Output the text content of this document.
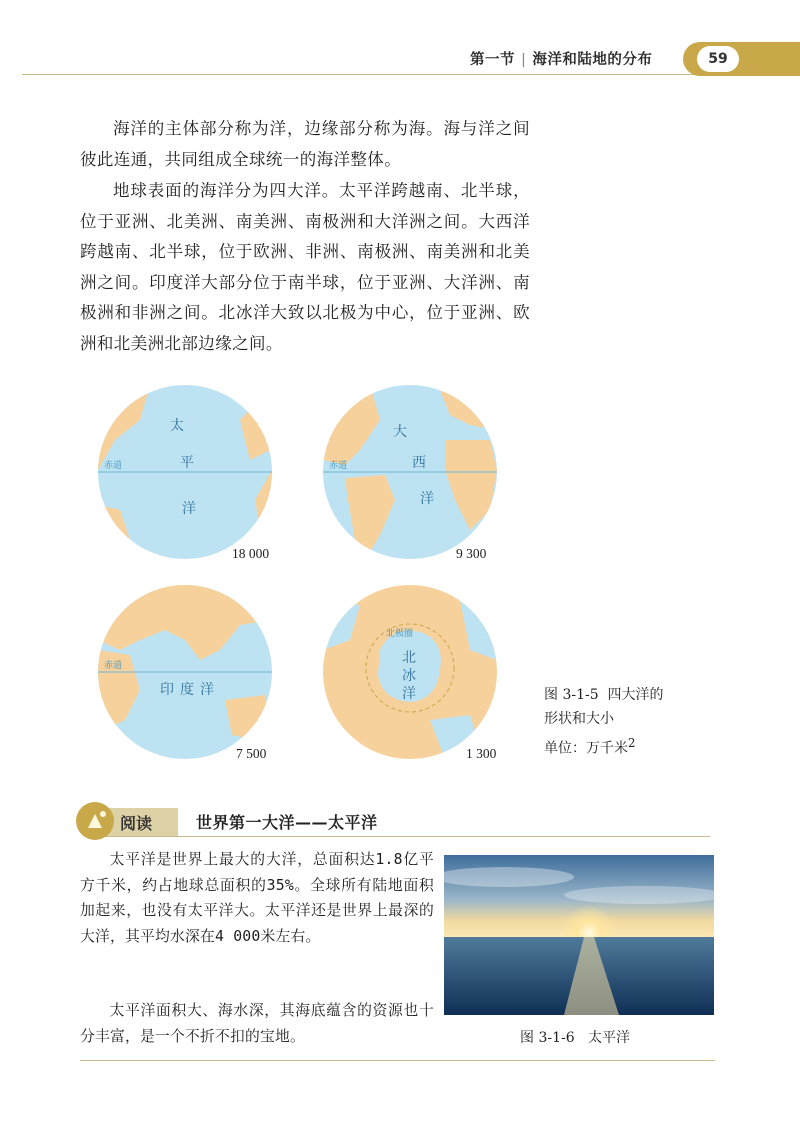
第一节 | 海洋和陆地的分布	59

海洋的主体部分称为洋，边缘部分称为海。海与洋之间彼此连通，共同组成全球统一的海洋整体。

地球表面的海洋分为四大洋。太平洋跨越南、北半球，位于亚洲、北美洲、南美洲、南极洲和大洋洲之间。大西洋跨越南、北半球，位于欧洲、非洲、南极洲、南美洲和北美洲之间。印度洋大部分位于南半球，位于亚洲、大洋洲、南极洲和非洲之间。北冰洋大致以北极为中心，位于亚洲、欧洲和北美洲北部边缘之间。

赤道
太
平
洋
赤道
大
西
洋
赤道
印 度 洋
北极圈
北
冰
洋
18 000	9 300
7 500	1 300
图 3-1-5 四大洋的
形状和大小
单位：万千米$^2$
阅读	世界第一大洋——太平洋

太平洋是世界上最大的大洋，总面积达1.8亿平方千米，约占地球总面积的35%。全球所有陆地面积加起来，也没有太平洋大。太平洋还是世界上最深的大洋，其平均水深在4 000米左右。

太平洋面积大、海水深，其海底蕴含的资源也十分丰富，是一个不折不扣的宝地。	图 3-1-6 太平洋
